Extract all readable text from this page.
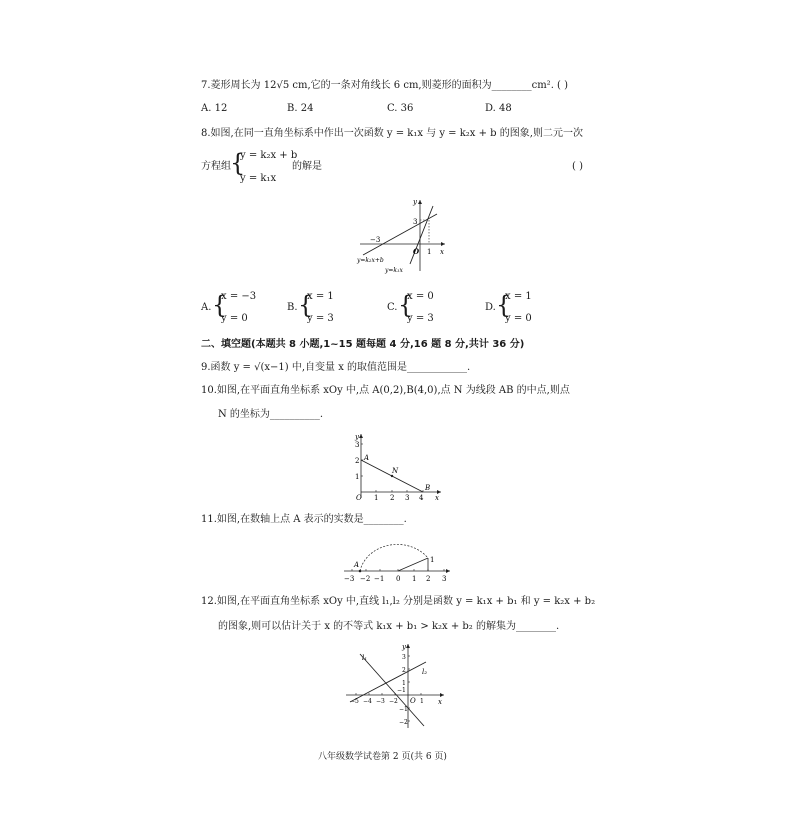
7.菱形周长为 12√5 cm,它的一条对角线长 6 cm,则菱形的面积为________cm². ( )
A. 12	B. 24	C. 36	D. 48
8.如图,在同一直角坐标系中作出一次函数 y = k₁x 与 y = k₂x + b 的图象,则二元一次
方程组 {
y = k₂x + b
y = k₁x
的解是	( )
y
x
3
−3
O 1
y=k₂x+b
y=k₁x
A. {
x = −3
y = 0
B. {
x = 1
y = 3
C. {
x = 0
y = 3
D. {
x = 1
y = 0
二、填空题(本题共 8 小题,1~15 题每题 4 分,16 题 8 分,共计 36 分)
9.函数 y = √(x−1) 中,自变量 x 的取值范围是____________.
10.如图,在平面直角坐标系 xOy 中,点 A(0,2),B(4,0),点 N 为线段 AB 的中点,则点
N 的坐标为__________.
y
x
3
2
1
O 1 2 3 4
A
B
N
11.如图,在数轴上点 A 表示的实数是________.
A
1
−3 −2 −1 0 1 2 3
12.如图,在平面直角坐标系 xOy 中,直线 l₁,l₂ 分别是函数 y = k₁x + b₁ 和 y = k₂x + b₂
的图象,则可以估计关于 x 的不等式 k₁x + b₁ > k₂x + b₂ 的解集为________.
y
x
O
l₁
l₂
−5 −4 −3 −2
−1
1
3
2
1
−1
−2
八年级数学试卷第 2 页(共 6 页)
